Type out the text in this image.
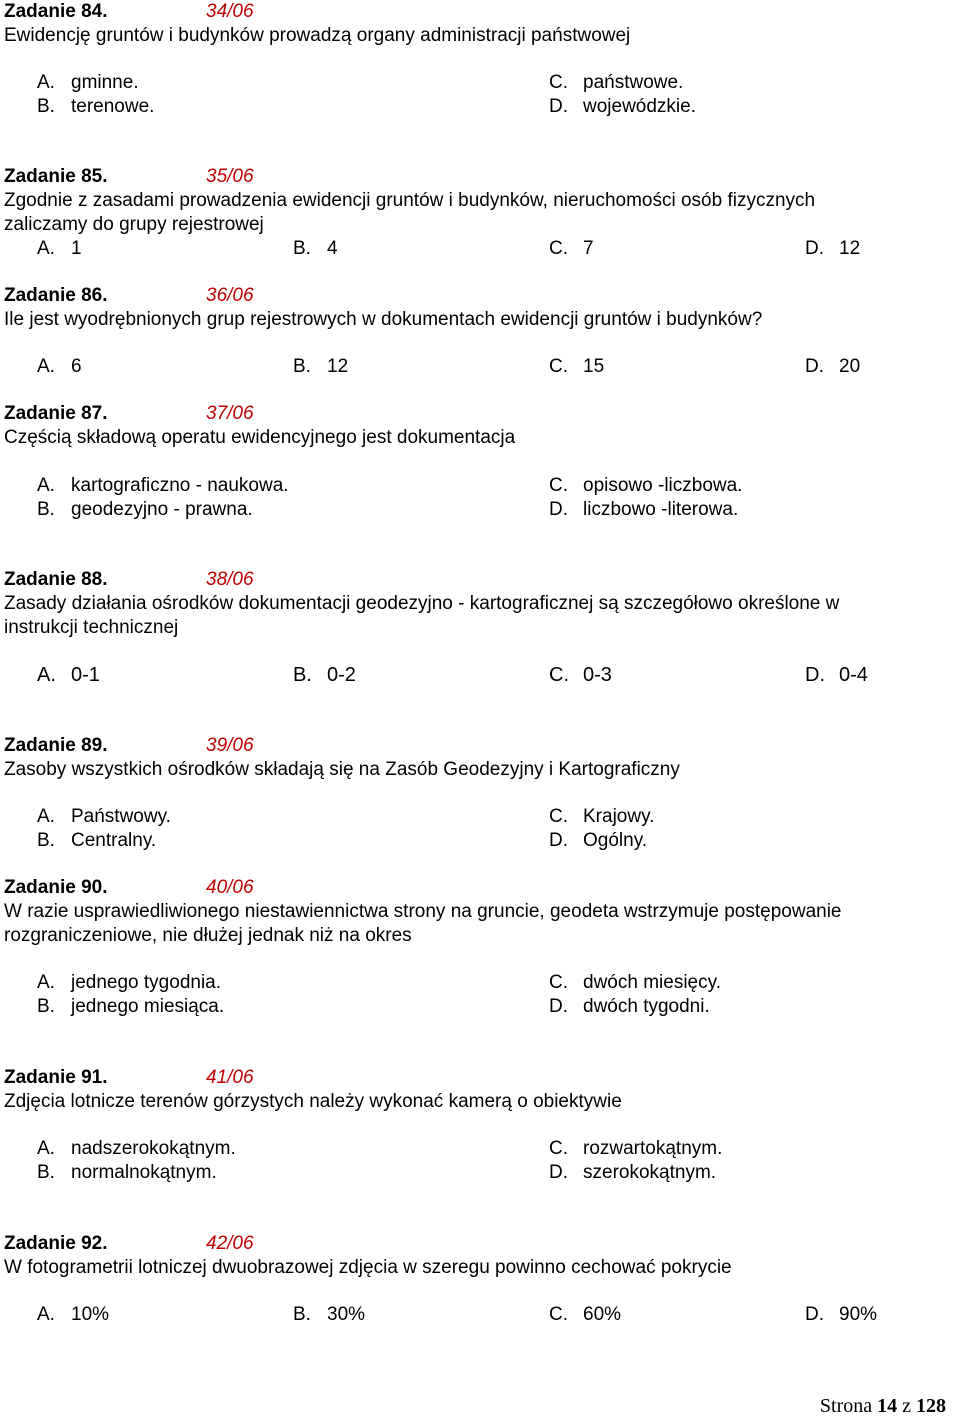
Zadanie 84.	34/06
Ewidencję gruntów i budynków prowadzą organy administracji państwowej
A. gminne.
B. terenowe.
C. państwowe.
D. wojewódzkie.
Zadanie 85.	35/06
Zgodnie z zasadami prowadzenia ewidencji gruntów i budynków, nieruchomości osób fizycznych
zaliczamy do grupy rejestrowej
A. 1	B. 4	C. 7	D. 12
Zadanie 86.	36/06
Ile jest wyodrębnionych grup rejestrowych w dokumentach ewidencji gruntów i budynków?
A. 6	B. 12	C. 15	D. 20
Zadanie 87.	37/06
Częścią składową operatu ewidencyjnego jest dokumentacja
A. kartograficzno - naukowa.
B. geodezyjno - prawna.
C. opisowo -liczbowa.
D. liczbowo -literowa.
Zadanie 88.	38/06
Zasady działania ośrodków dokumentacji geodezyjno - kartograficznej są szczegółowo określone w
instrukcji technicznej
A. 0-1	B. 0-2	C. 0-3	D. 0-4
Zadanie 89.	39/06
Zasoby wszystkich ośrodków składają się na Zasób Geodezyjny i Kartograficzny
A. Państwowy.
B. Centralny.
C. Krajowy.
D. Ogólny.
Zadanie 90.	40/06
W razie usprawiedliwionego niestawiennictwa strony na gruncie, geodeta wstrzymuje postępowanie
rozgraniczeniowe, nie dłużej jednak niż na okres
A. jednego tygodnia.
B. jednego miesiąca.
C. dwóch miesięcy.
D. dwóch tygodni.
Zadanie 91.	41/06
Zdjęcia lotnicze terenów górzystych należy wykonać kamerą o obiektywie
A. nadszerokokątnym.
B. normalnokątnym.
C. rozwartokątnym.
D. szerokokątnym.
Zadanie 92.	42/06
W fotogrametrii lotniczej dwuobrazowej zdjęcia w szeregu powinno cechować pokrycie
A. 10%	B. 30%	C. 60%	D. 90%
Strona 14 z 128
